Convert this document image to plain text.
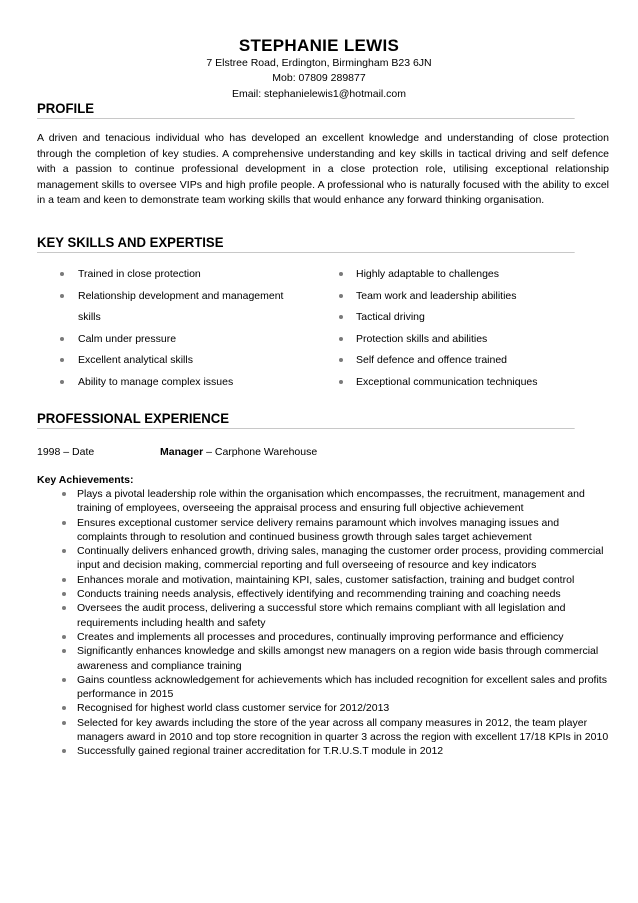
STEPHANIE LEWIS
7 Elstree Road, Erdington, Birmingham B23 6JN
Mob: 07809 289877
Email: stephanielewis1@hotmail.com
PROFILE
A driven and tenacious individual who has developed an excellent knowledge and understanding of close protection through the completion of key studies. A comprehensive understanding and key skills in tactical driving and self defence with a passion to continue professional development in a close protection role, utilising exceptional relationship management skills to oversee VIPs and high profile people. A professional who is naturally focused with the ability to excel in a team and keen to demonstrate team working skills that would enhance any forward thinking organisation.
KEY SKILLS AND EXPERTISE
Trained in close protection
Relationship development and management
skills
Calm under pressure
Excellent analytical skills
Ability to manage complex issues
Highly adaptable to challenges
Team work and leadership abilities
Tactical driving
Protection skills and abilities
Self defence and offence trained
Exceptional communication techniques
PROFESSIONAL EXPERIENCE
1998 – Date	Manager – Carphone Warehouse
Key Achievements:
Plays a pivotal leadership role within the organisation which encompasses, the recruitment, management and training of employees, overseeing the appraisal process and ensuring full objective achievement
Ensures exceptional customer service delivery remains paramount which involves managing issues and complaints through to resolution and continued business growth through sales target achievement
Continually delivers enhanced growth, driving sales, managing the customer order process, providing commercial input and decision making, commercial reporting and full overseeing of resource and key indicators
Enhances morale and motivation, maintaining KPI, sales, customer satisfaction, training and budget control
Conducts training needs analysis, effectively identifying and recommending training and coaching needs
Oversees the audit process, delivering a successful store which remains compliant with all legislation and requirements including health and safety
Creates and implements all processes and procedures, continually improving performance and efficiency
Significantly enhances knowledge and skills amongst new managers on a region wide basis through commercial awareness and compliance training
Gains countless acknowledgement for achievements which has included recognition for excellent sales and profits performance in 2015
Recognised for highest world class customer service for 2012/2013
Selected for key awards including the store of the year across all company measures in 2012, the team player managers award in 2010 and top store recognition in quarter 3 across the region with excellent 17/18 KPIs in 2010
Successfully gained regional trainer accreditation for T.R.U.S.T module in 2012
